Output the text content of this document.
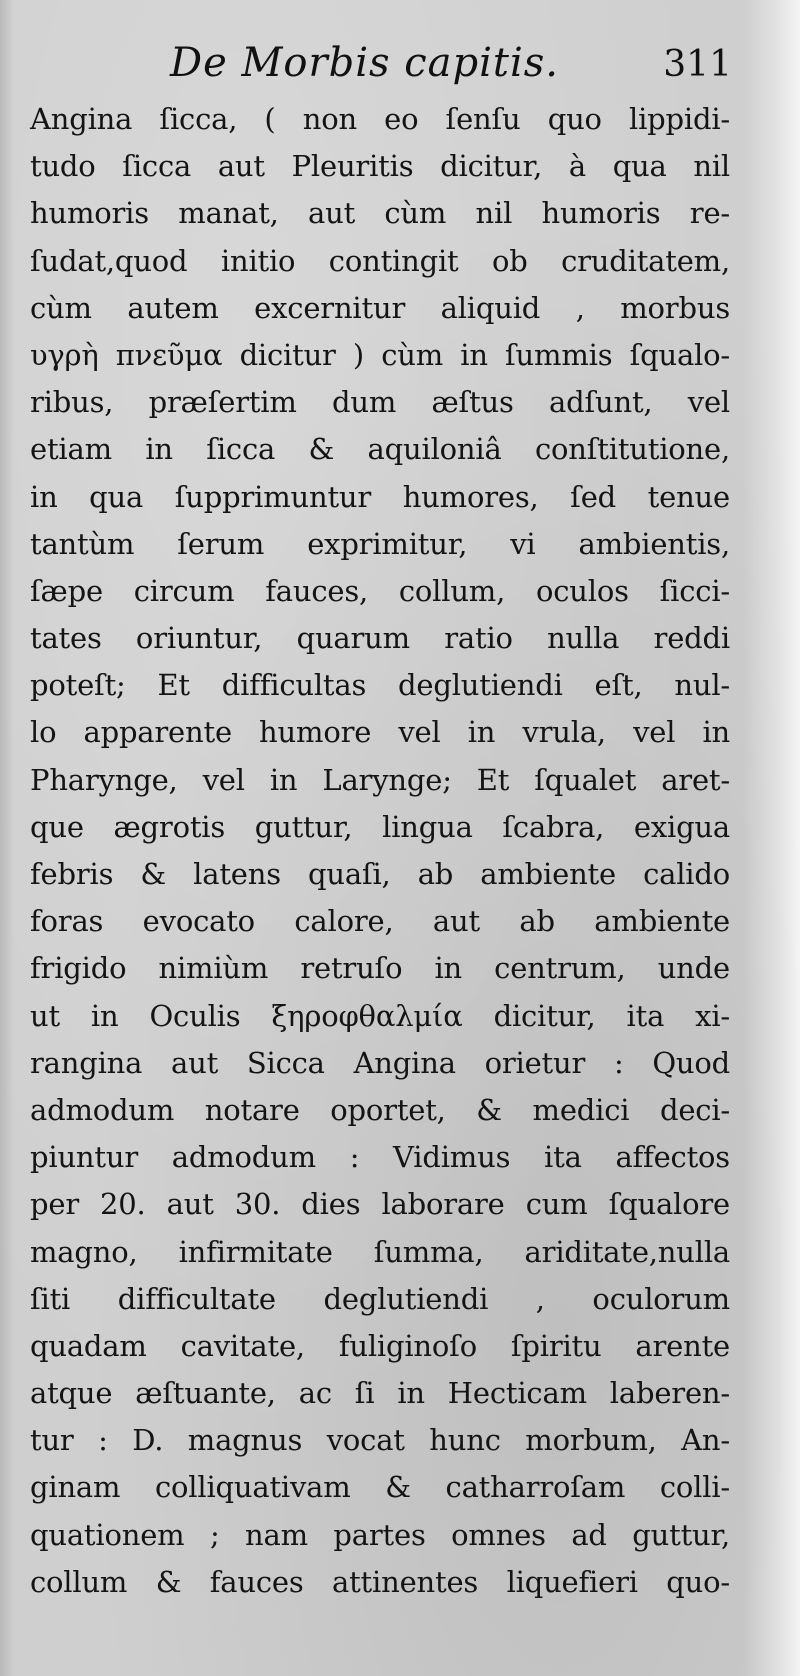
De Morbis capitis.	311
Angina ſicca, ( non eo ſenſu quo lippidi-
tudo ſicca aut Pleuritis dicitur, à qua nil
humoris manat, aut cùm nil humoris re-
ſudat,quod initio contingit ob cruditatem,
cùm autem excernitur aliquid , morbus
υγρὴ πνεῦμα dicitur ) cùm in ſummis ſqualo-
ribus, præſertim dum æſtus adſunt, vel
etiam in ſicca & aquiloniâ conſtitutione,
in qua ſupprimuntur humores, ſed tenue
tantùm ſerum exprimitur, vi ambientis,
ſæpe circum fauces, collum, oculos ſicci-
tates oriuntur, quarum ratio nulla reddi
poteſt; Et difficultas deglutiendi eſt, nul-
lo apparente humore vel in vrula, vel in
Pharynge, vel in Larynge; Et ſqualet aret-
que ægrotis guttur, lingua ſcabra, exigua
febris & latens quaſi, ab ambiente calido
foras evocato calore, aut ab ambiente
frigido nimiùm retruſo in centrum, unde
ut in Oculis ξηροφθαλμία dicitur, ita xi-
rangina aut Sicca Angina orietur : Quod
admodum notare oportet, & medici deci-
piuntur admodum : Vidimus ita affectos
per 20. aut 30. dies laborare cum ſqualore
magno, infirmitate ſumma, ariditate,nulla
ſiti difficultate deglutiendi , oculorum
quadam cavitate, fuliginoſo ſpiritu arente
atque æſtuante, ac ſi in Hecticam laberen-
tur : D. magnus vocat hunc morbum, An-
ginam colliquativam & catharroſam colli-
quationem ; nam partes omnes ad guttur,
collum & fauces attinentes liquefieri quo-
